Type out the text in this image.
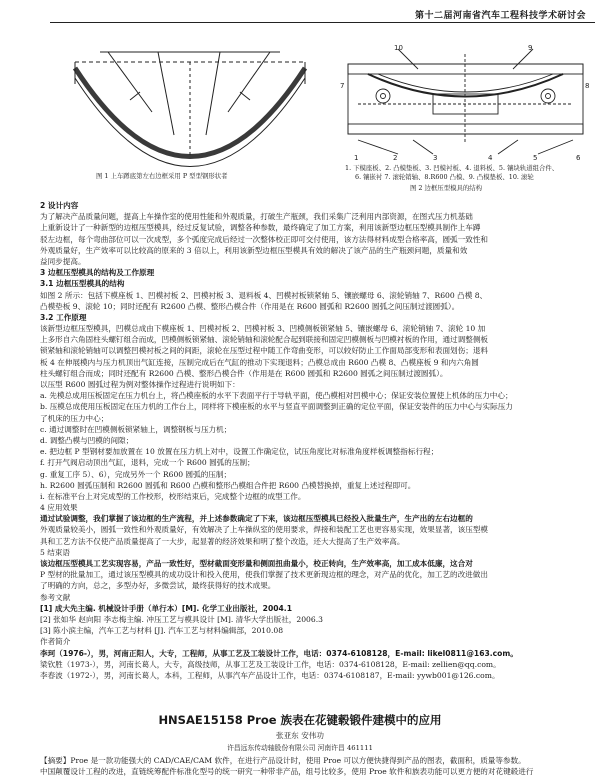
第十二届河南省汽车工程科技学术研讨会
图 1 上车蹲底第左右边框采用 P 型型钢形状者
10	9
7	8
1	2	3	4	5	6
1. 下模座板、2. 凸模垫板、3. 凹模衬板、4. 退料板、5. 镶块轨道组合件、
6. 镶嵌衬 7. 滚轮销轴、8.R600 凸模、9. 凸模垫板、10. 滚轮
图 2 边框压型模具的结构
2 设计内容
为了解决产品质量问题，提高上车操作室的使用性能和外观质量，打破生产瓶颈，我们采集广泛利用内部资源，在图式压力机基础
上重新设计了一种新型的边框压型模具，经过反复试验，调整各种参数，最终确定了加工方案，利用该新型边框压型模具制作上车蹲
驳左边框，每个弯曲部位可以一次成型，多个弧度完成后经过一次整体校正即可交付使用，该方法得材料成型合格率高，圆弧一致性和
外观质量好，生产效率可以比较高的原来的 3 倍以上，利用该新型边框压型模具有效的解决了该产品的生产瓶颈问题，质量和效
益同步提高。
3 边框压型模具的结构及工作原理
3.1 边框压型模具的结构
如图 2 所示：包括下模座板 1、凹模衬板 2、凹模衬板 3、退料板 4、凹模衬板锁紧轴 5、镶嵌螺母 6、滚轮销轴 7、R600 凸模 8、
凸模垫板 9、滚轮 10；同时还配有 R2600 凸模、整形凸模合件（作用是在 R600 圆弧和 R2600 圆弧之间压制过渡圆弧）。
3.2 工作原理
该新型边框压型模具，凹模总成由下模座板 1、凹模衬板 2、凹模衬板 3、凹模侧板锁紧轴 5、镶嵌螺母 6、滚轮销轴 7、滚轮 10 加
上多形自六角固柱头螺钉组合而成，凹模侧板锁紧轴、滚轮销轴和滚轮配合起到联接和固定凹模侧板与凹模衬板的作用，通过调整侧板
锁紧轴和滚轮销轴可以调整凹模衬板之间的间距，滚轮在压型过程中随工作弯曲变形，可以较好防止工作面局部变形和表面划伤；退料
板 4 在伸展模内与压力机顶出气缸连接，压制完成后在气缸的推动下实现退料；凸模总成由 R600 凸模 8、凸模座板 9 和内六角圆
柱头螺钉组合而成；同时还配有 R2600 凸模、整形凸模合件（作用是在 R600 圆弧和 R2600 圆弧之间压制过渡圆弧）。
以压型 R600 圆弧过程为例对整体操作过程进行说明如下：
a. 先模总成用压板固定在压力机台上，将凸模座板的水平下表面平行于导轨平面，使凸模相对凹模中心；保证安装位置使上机体的压力中心；
b. 压模总成使用压板固定在压力机的工作台上，同样将下模座板的水平与竖直平面调整到正确的定位平面，保证安装件的压力中心与实际压力
了机床的压力中心；
c. 通过调整时在凹模侧板锁紧轴上，调整钢板与压力机；
d. 调整凸模与凹模的间隙；
e. 把边框 P 型钢材要加放置在 10 放置在压力机上对中，设置工作确定位，试压角度比对标准角度样板调整指标行程；
f. 打开气阀启动顶出气缸，退料，完成一个 R600 圆弧的压制；
g. 重复工序 5）、6），完成另外一个 R600 圆弧的压制；
h. R2600 圆弧压制和 R2600 圆弧和 R600 凸模和整形凸模组合件把 R600 凸模替换掉，重复上述过程即可。
i. 在标准平台上对完成型的工作校形，校形结束后，完成整个边框的成型工作。
4 应用效果
通过试验调整，我们掌握了该边框的生产流程，并上述参数确定了下来，该边框压型模具已经投入批量生产，生产出的左右边框的
外观质量较美小，圆弧一致性和外观质量好，有效解决了上车操纵室的使用要求，焊接和装配工艺也更容易实现，效果显著，该压型模
具和工艺方法不仅使产品质量提高了一大步，起显著的经济效果和明了整个改造，还大大提高了生产效率高。
5 结束语
该边框压型模具工艺实现容易，产品一致性好，型材截面变形量和侧面扭曲量小，校正转向，生产效率高，加工成本低廉，这合对
P 型材的批量加工，通过该压型模具的成功设计和投入使用，使我们掌握了技术更新现边框的理念，对产品的优化，加工艺的改进做出
了明确的方向，总之，多型办好，多微尝试，最终获得好的技术成果。
参考文献
[1] 成大先主编. 机械设计手册（单行本）[M]. 化学工业出版社，2004.1
[2] 张如华 赵向阳 李志梅主编. 冲压工艺与模具设计 [M]. 清华大学出版社，2006.3
[3] 陈小滨主编，汽车工艺与材料 [J]. 汽车工艺与材料编辑部，2010.08
作者简介
李珂（1976-），男，河南正阳人，大专，工程师，从事工艺及工装设计工作，电话：0374-6108128，E-mail: likel0811@163.com。
梁钦胜（1973-），男，河南长葛人，大专，高级技师，从事工艺及工装设计工作，电话：0374-6108128，E-mail: zellien@qq.com。
李春波（1972-），男，河南长葛人，本科，工程师，从事汽车产品设计工作，电话：0374-6108187，E-mail: yywb001@126.com。
HNSAE15158 Proe 族表在花键毂锻件建模中的应用
张亚东 安伟功
许昌远东传动轴股份有限公司 河南许昌 461111
【摘要】Proe 是一款功能强大的 CAD/CAE/CAM 软件，在进行产品设计时，使用 Proe 可以方便快捷得到产品的图表，截面积，质量等参数。
中国颠覆设计工程的改进，直链统筹配件标准化型号的统一研究一种带非产品，组号比较多，使用 Proe 软件和族表功能可以更方便的对花键毂进行
